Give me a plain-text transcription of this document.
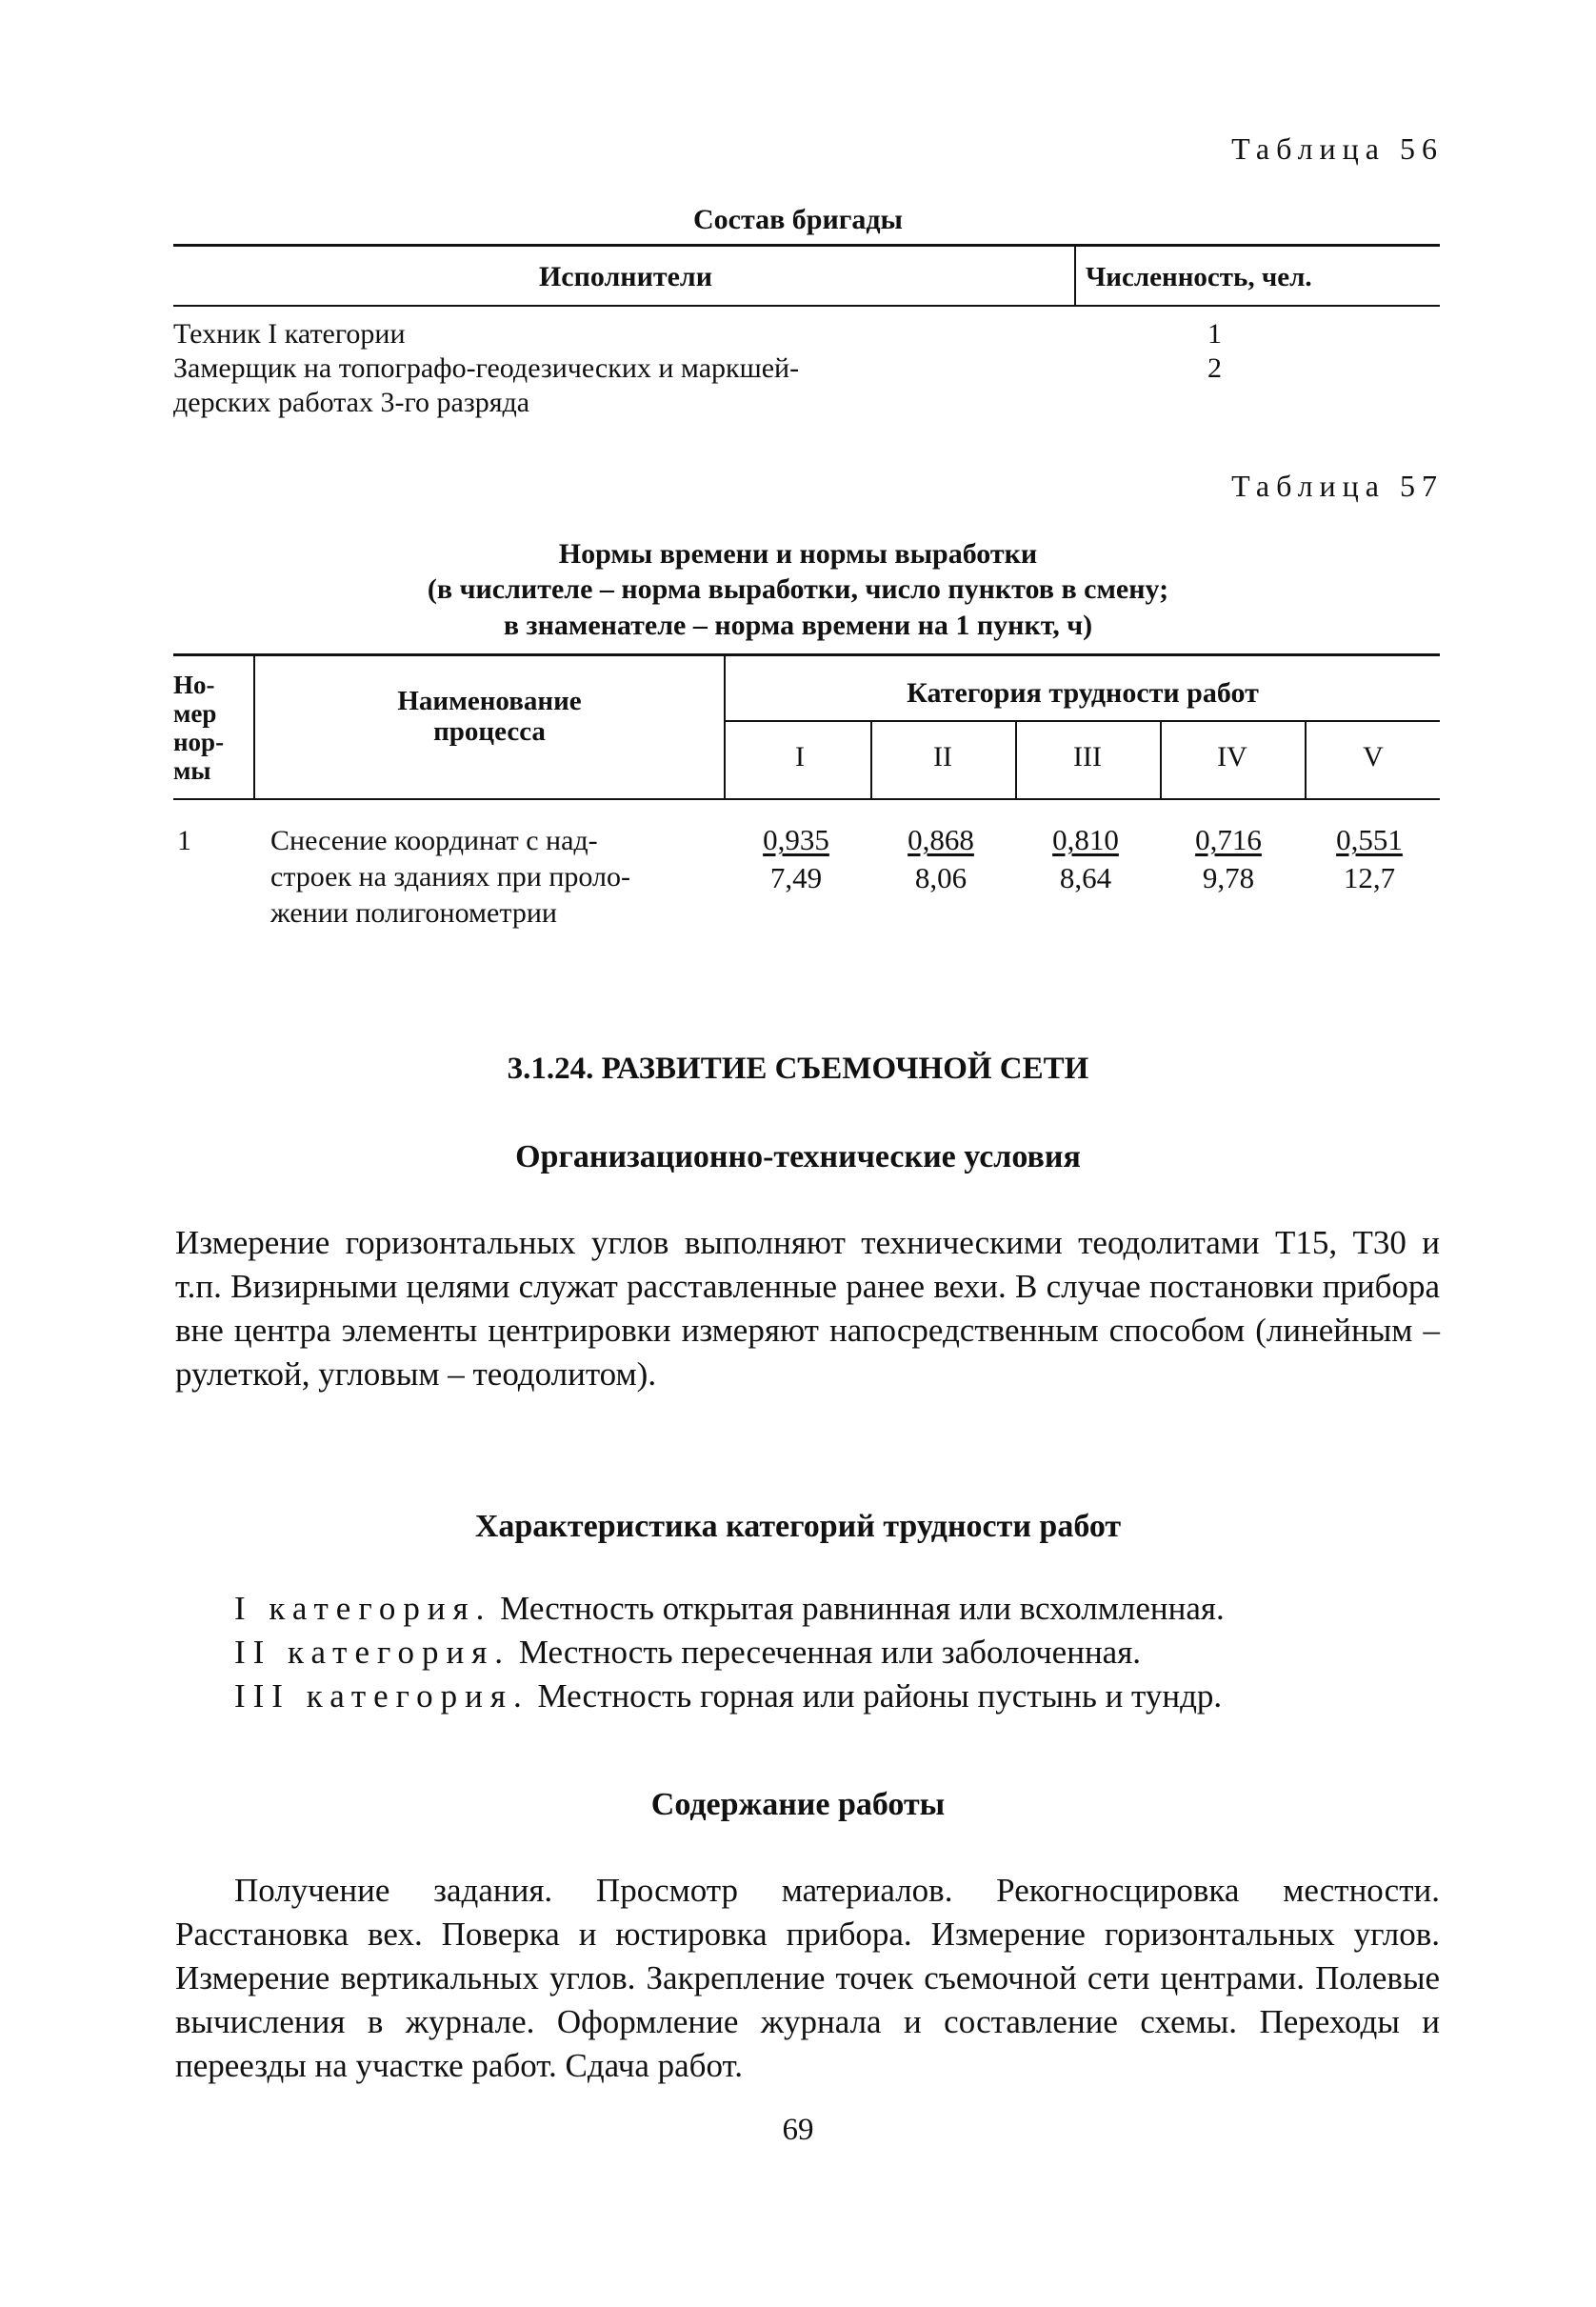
Таблица 56
Состав бригады
Исполнители	Численность, чел.
Техник I категории	1
Замерщик на топографо-геодезических и маркшей-	2
дерских работах 3-го разряда
Таблица 57
Нормы времени и нормы выработки
(в числителе – норма выработки, число пунктов в смену;
в знаменателе – норма времени на 1 пункт, ч)
Но-
мер
нор-
мы
Наименование
процесса
Категория трудности работ
I	II	III	IV	V
1	Снесение координат с над-
строек на зданиях при проло-
жении полигонометрии
0,935	0,868	0,810	0,716	0,551
7,49	8,06	8,64	9,78	12,7
3.1.24. РАЗВИТИЕ СЪЕМОЧНОЙ СЕТИ
Организационно-технические условия
Измерение горизонтальных углов выполняют техническими теодолитами Т15, Т30 и т.п. Визирными целями служат расставленные ранее вехи. В случае постановки прибора вне центра элементы центрировки измеряют напосредственным способом (линейным – рулеткой, угловым – теодолитом).
Характеристика категорий трудности работ
I категория. Местность открытая равнинная или всхолмленная.
II категория. Местность пересеченная или заболоченная.
III категория. Местность горная или районы пустынь и тундр.
Содержание работы
Получение задания. Просмотр материалов. Рекогносцировка местности. Расстановка вех. Поверка и юстировка прибора. Измерение горизонтальных углов. Измерение вертикальных углов. Закрепление точек съемочной сети центрами. Полевые вычисления в журнале. Оформление журнала и составление схемы. Переходы и переезды на участке работ. Сдача работ.
69
